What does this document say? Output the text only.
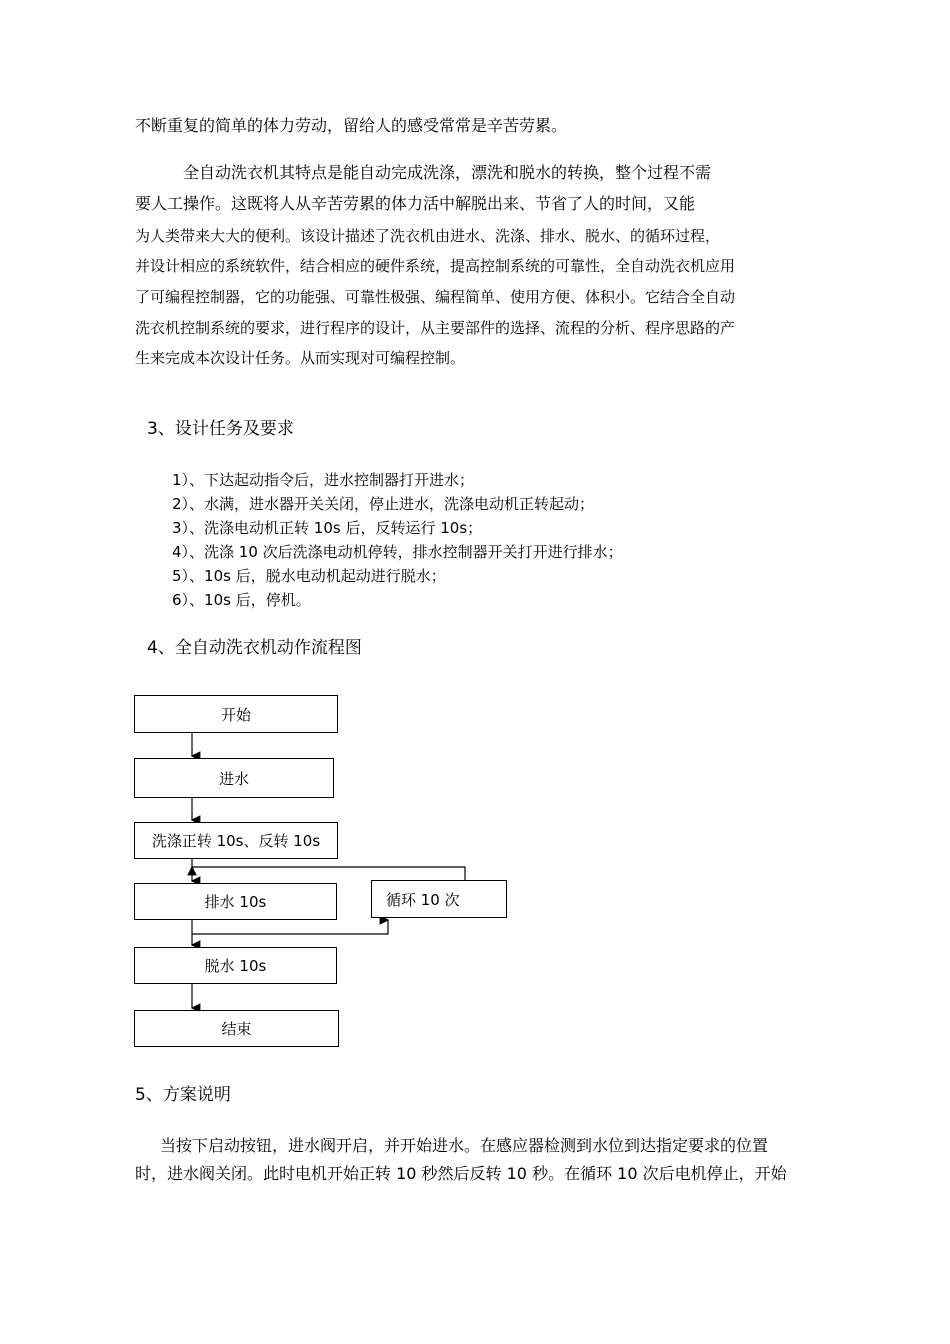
不断重复的简单的体力劳动，留给人的感受常常是辛苦劳累。
全自动洗衣机其特点是能自动完成洗涤，漂洗和脱水的转换，整个过程不需
要人工操作。这既将人从辛苦劳累的体力活中解脱出来、节省了人的时间，又能
为人类带来大大的便利。该设计描述了洗衣机由进水、洗涤、排水、脱水、的循环过程，
并设计相应的系统软件，结合相应的硬件系统，提高控制系统的可靠性，全自动洗衣机应用
了可编程控制器，它的功能强、可靠性极强、编程简单、使用方便、体积小。它结合全自动
洗衣机控制系统的要求，进行程序的设计，从主要部件的选择、流程的分析、程序思路的产
生来完成本次设计任务。从而实现对可编程控制。
3、设计任务及要求
1）、下达起动指令后，进水控制器打开进水；
2）、水满，进水器开关关闭，停止进水，洗涤电动机正转起动；
3）、洗涤电动机正转 10s 后，反转运行 10s；
4）、洗涤 10 次后洗涤电动机停转，排水控制器开关打开进行排水；
5）、10s 后，脱水电动机起动进行脱水；
6）、10s 后，停机。
4、全自动洗衣机动作流程图
开始
进水
洗涤正转 10s、反转 10s
排水 10s	循环 10 次
脱水 10s
结束
5、方案说明
当按下启动按钮，进水阀开启，并开始进水。在感应器检测到水位到达指定要求的位置
时，进水阀关闭。此时电机开始正转 10 秒然后反转 10 秒。在循环 10 次后电机停止，开始
